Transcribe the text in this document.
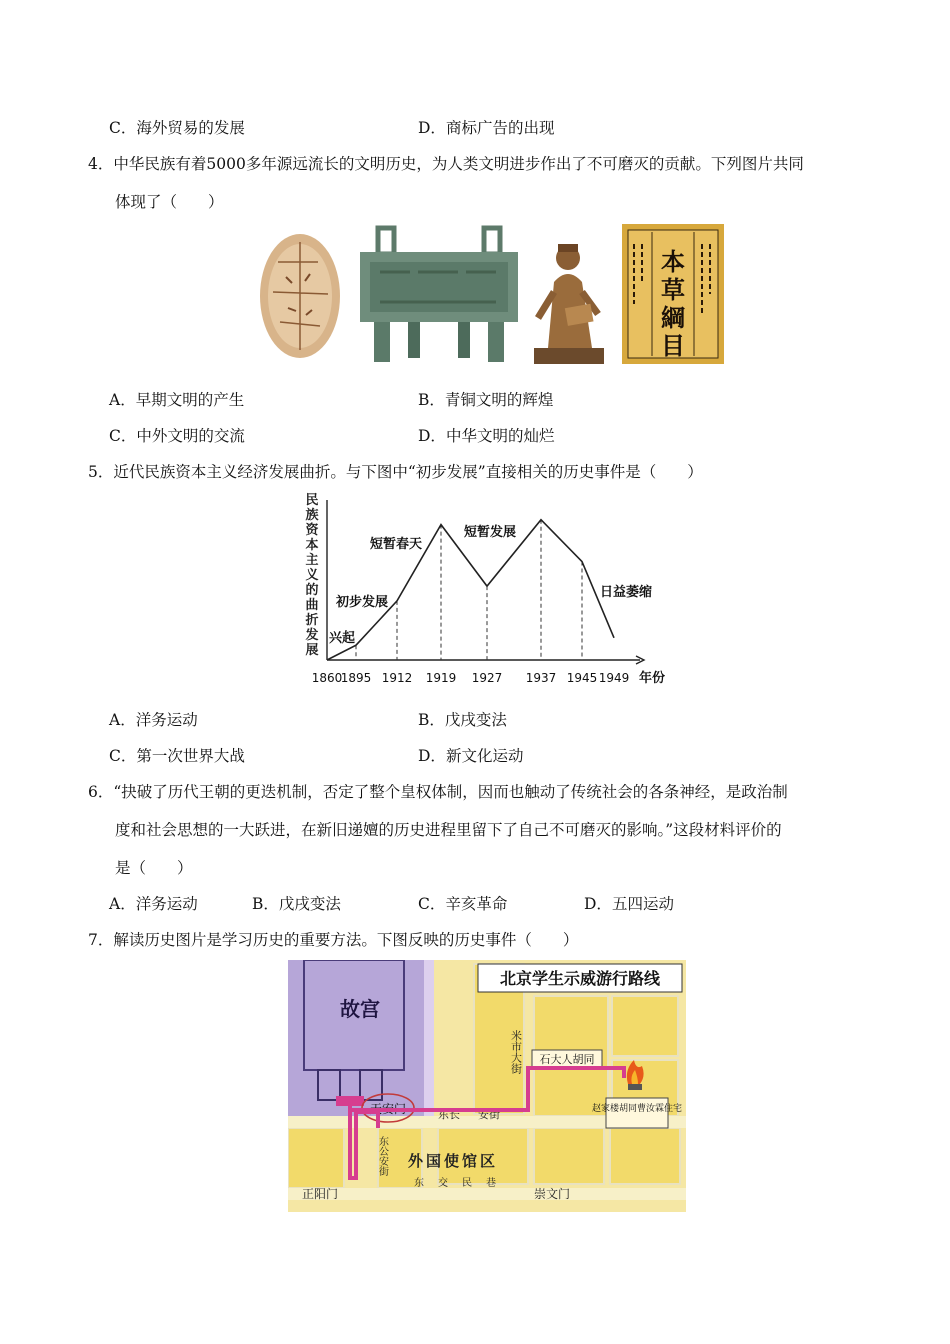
C．海外贸易的发展	D．商标广告的出现
4．中华民族有着5000多年源远流长的文明历史，为人类文明进步作出了不可磨灭的贡献。下列图片共同
体现了（　　）
本
草
綱
目
A．早期文明的产生	B．青铜文明的辉煌
C．中外文明的交流	D．中华文明的灿烂
5．近代民族资本主义经济发展曲折。与下图中“初步发展”直接相关的历史事件是（　　）
民
族
资
本
主
义
的
曲
折
发
展
1860
1895 1912 1919 1927 1937 1945 1949 年份
兴起
初步发展
短暂春天
短暂发展
日益萎缩
A．洋务运动	B．戊戌变法
C．第一次世界大战	D．新文化运动
6．“抉破了历代王朝的更迭机制，否定了整个皇权体制，因而也触动了传统社会的各条神经，是政治制
度和社会思想的一大跃进，在新旧递嬗的历史进程里留下了自己不可磨灭的影响。”这段材料评价的
是（　　）
A．洋务运动	B．戊戌变法	C．辛亥革命	D．五四运动
7．解读历史图片是学习历史的重要方法。下图反映的历史事件（　　）
故宫
北京学生示威游行路线
米市大街 石大人胡同
赵家楼胡同曹汝霖住宅
东长 安街
东公安街 外国使馆区
东交民巷
正阳门	崇文门
天安门
